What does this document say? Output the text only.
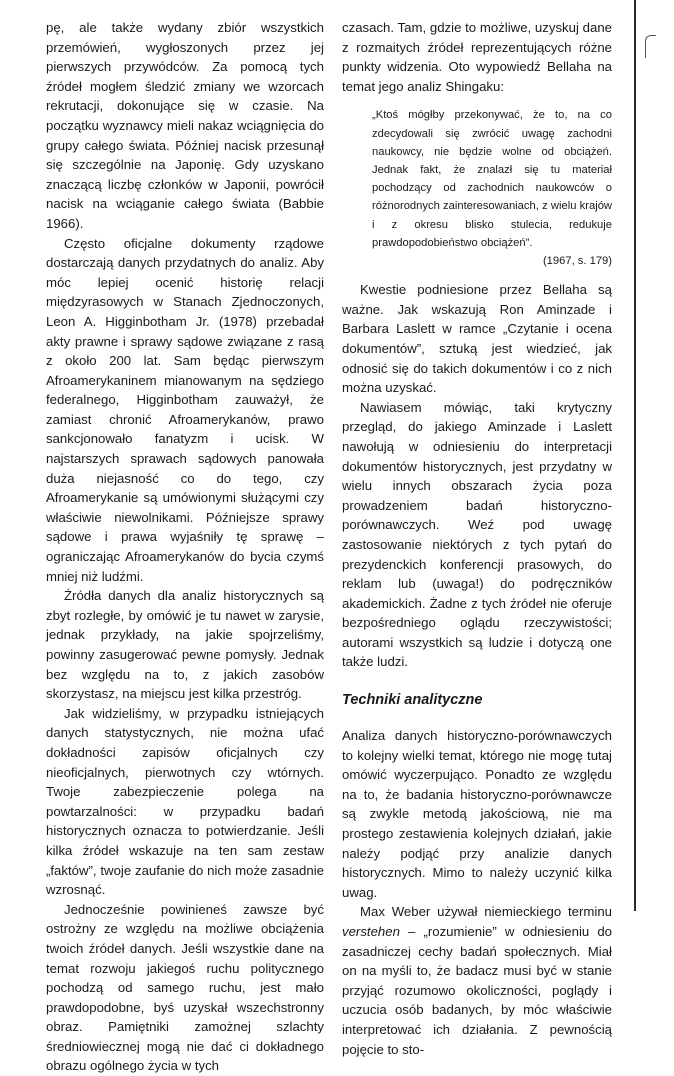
pę, ale także wydany zbiór wszystkich przemówień, wygłoszonych przez jej pierwszych przywódców. Za pomocą tych źródeł mogłem śledzić zmiany we wzorcach rekrutacji, dokonujące się w czasie. Na początku wyznawcy mieli nakaz wciągnięcia do grupy całego świata. Później nacisk przesunął się szczególnie na Japonię. Gdy uzyskano znaczącą liczbę członków w Japonii, powrócił nacisk na wciąganie całego świata (Babbie 1966).

Często oficjalne dokumenty rządowe dostarczają danych przydatnych do analiz. Aby móc lepiej ocenić historię relacji międzyrasowych w Stanach Zjednoczonych, Leon A. Higginbotham Jr. (1978) przebadał akty prawne i sprawy sądowe związane z rasą z około 200 lat. Sam będąc pierwszym Afroamerykaninem mianowanym na sędziego federalnego, Higginbotham zauważył, że zamiast chronić Afroamerykanów, prawo sankcjonowało fanatyzm i ucisk. W najstarszych sprawach sądowych panowała duża niejasność co do tego, czy Afroamerykanie są umówionymi służącymi czy właściwie niewolnikami. Późniejsze sprawy sądowe i prawa wyjaśniły tę sprawę – ograniczając Afroamerykanów do bycia czymś mniej niż ludźmi.

Źródła danych dla analiz historycznych są zbyt rozległe, by omówić je tu nawet w zarysie, jednak przykłady, na jakie spojrzeliśmy, powinny zasugerować pewne pomysły. Jednak bez względu na to, z jakich zasobów skorzystasz, na miejscu jest kilka przestróg.

Jak widzieliśmy, w przypadku istniejących danych statystycznych, nie można ufać dokładności zapisów oficjalnych czy nieoficjalnych, pierwotnych czy wtórnych. Twoje zabezpieczenie polega na powtarzalności: w przypadku badań historycznych oznacza to potwierdzanie. Jeśli kilka źródeł wskazuje na ten sam zestaw „faktów”, twoje zaufanie do nich może zasadnie wzrosnąć.

Jednocześnie powinieneś zawsze być ostrożny ze względu na możliwe obciążenia twoich źródeł danych. Jeśli wszystkie dane na temat rozwoju jakiegoś ruchu politycznego pochodzą od samego ruchu, jest mało prawdopodobne, byś uzyskał wszechstronny obraz. Pamiętniki zamożnej szlachty średniowiecznej mogą nie dać ci dokładnego obrazu ogólnego życia w tych

czasach. Tam, gdzie to możliwe, uzyskuj dane z rozmaitych źródeł reprezentujących różne punkty widzenia. Oto wypowiedź Bellaha na temat jego analiz Shingaku:

„Ktoś mógłby przekonywać, że to, na co zdecydowali się zwrócić uwagę zachodni naukowcy, nie będzie wolne od obciążeń. Jednak fakt, że znalazł się tu materiał pochodzący od zachodnich naukowców o różnorodnych zainteresowaniach, z wielu krajów i z okresu blisko stulecia, redukuje prawdopodobieństwo obciążeń”.

(1967, s. 179)

Kwestie podniesione przez Bellaha są ważne. Jak wskazują Ron Aminzade i Barbara Laslett w ramce „Czytanie i ocena dokumentów”, sztuką jest wiedzieć, jak odnosić się do takich dokumentów i co z nich można uzyskać.

Nawiasem mówiąc, taki krytyczny przegląd, do jakiego Aminzade i Laslett nawołują w odniesieniu do interpretacji dokumentów historycznych, jest przydatny w wielu innych obszarach życia poza prowadzeniem badań historyczno-porównawczych. Weź pod uwagę zastosowanie niektórych z tych pytań do prezydenckich konferencji prasowych, do reklam lub (uwaga!) do podręczników akademickich. Żadne z tych źródeł nie oferuje bezpośredniego oglądu rzeczywistości; autorami wszystkich są ludzie i dotyczą one także ludzi.

Techniki analityczne

Analiza danych historyczno-porównawczych to kolejny wielki temat, którego nie mogę tutaj omówić wyczerpująco. Ponadto ze względu na to, że badania historyczno-porównawcze są zwykle metodą jakościową, nie ma prostego zestawienia kolejnych działań, jakie należy podjąć przy analizie danych historycznych. Mimo to należy uczynić kilka uwag.

Max Weber używał niemieckiego terminu verstehen – „rozumienie” w odniesieniu do zasadniczej cechy badań społecznych. Miał on na myśli to, że badacz musi być w stanie przyjąć rozumowo okoliczności, poglądy i uczucia osób badanych, by móc właściwie interpretować ich działania. Z pewnością pojęcie to sto-
